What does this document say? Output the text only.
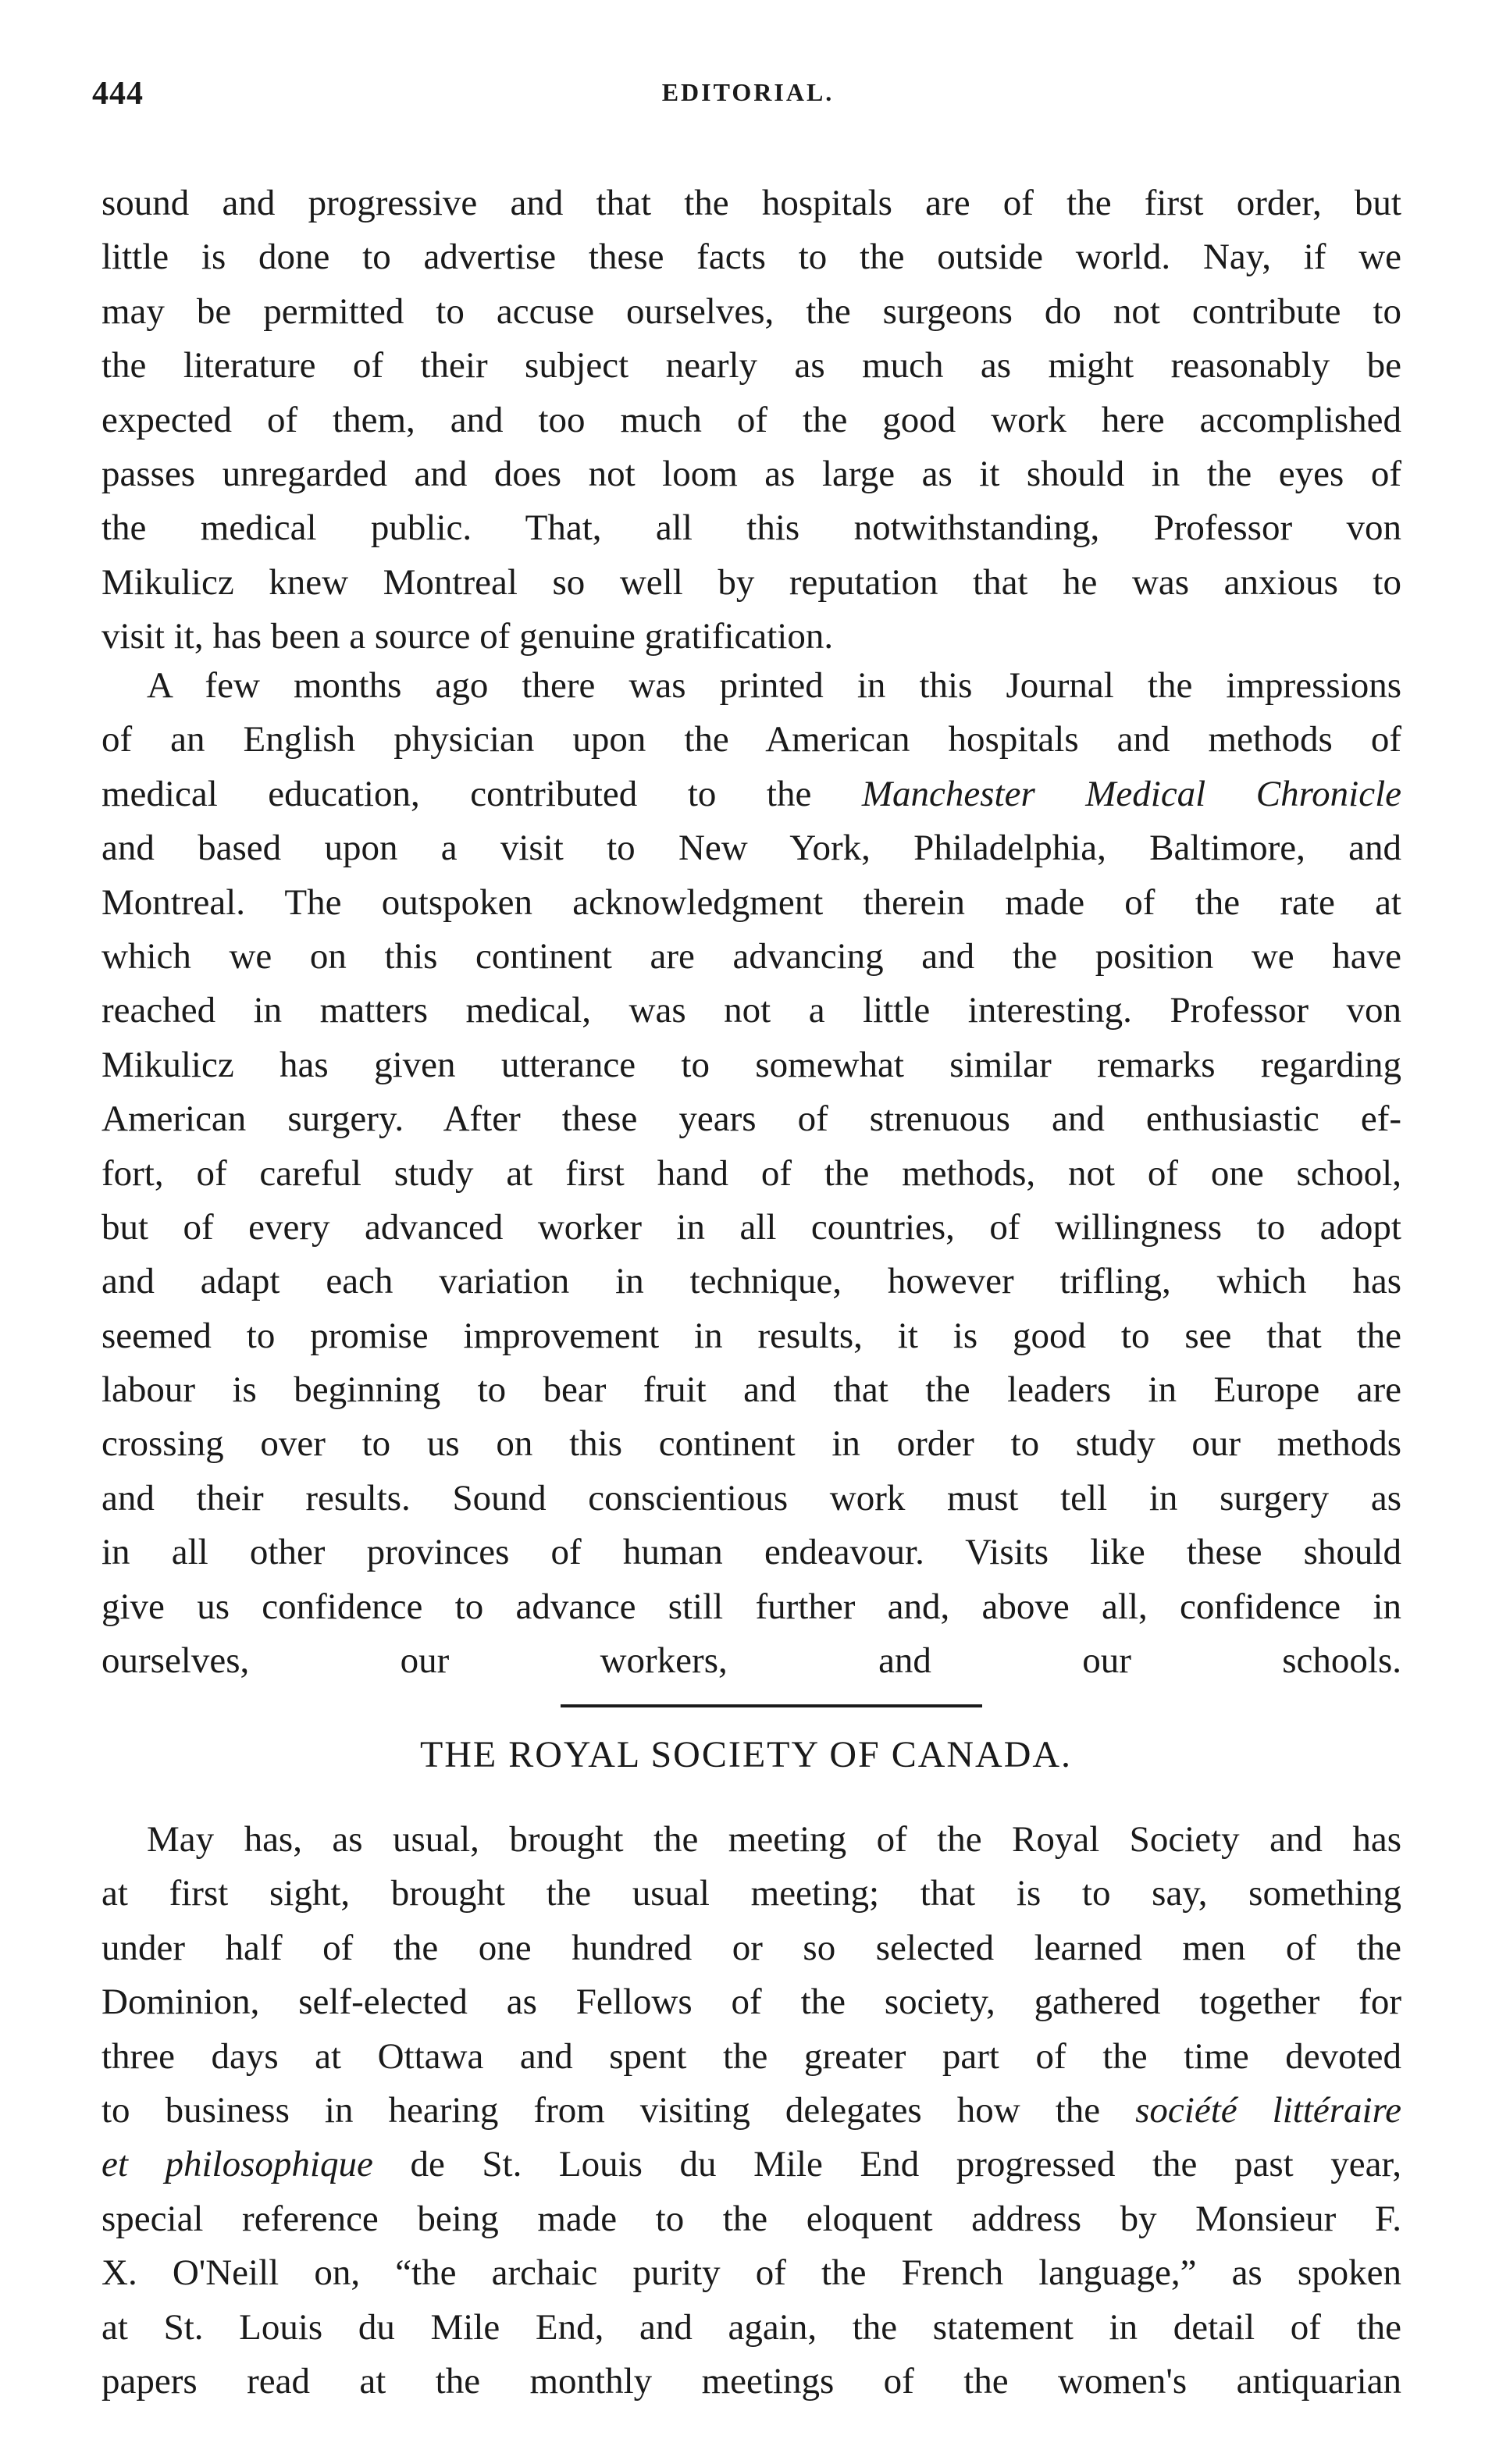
444	EDITORIAL.
sound and progressive and that the hospitals are of the first order, but
little is done to advertise these facts to the outside world. Nay, if we
may be permitted to accuse ourselves, the surgeons do not contribute to
the literature of their subject nearly as much as might reasonably be
expected of them, and too much of the good work here accomplished
passes unregarded and does not loom as large as it should in the eyes of
the medical public. That, all this notwithstanding, Professor von
Mikulicz knew Montreal so well by reputation that he was anxious to
visit it, has been a source of genuine gratification.
A few months ago there was printed in this Journal the impressions
of an English physician upon the American hospitals and methods of
medical education, contributed to the Manchester Medical Chronicle
and based upon a visit to New York, Philadelphia, Baltimore, and
Montreal. The outspoken acknowledgment therein made of the rate at
which we on this continent are advancing and the position we have
reached in matters medical, was not a little interesting. Professor von
Mikulicz has given utterance to somewhat similar remarks regarding
American surgery. After these years of strenuous and enthusiastic ef-
fort, of careful study at first hand of the methods, not of one school,
but of every advanced worker in all countries, of willingness to adopt
and adapt each variation in technique, however trifling, which has
seemed to promise improvement in results, it is good to see that the
labour is beginning to bear fruit and that the leaders in Europe are
crossing over to us on this continent in order to study our methods
and their results. Sound conscientious work must tell in surgery as
in all other provinces of human endeavour. Visits like these should
give us confidence to advance still further and, above all, confidence in
ourselves, our workers, and our schools.
THE ROYAL SOCIETY OF CANADA.
May has, as usual, brought the meeting of the Royal Society and has
at first sight, brought the usual meeting; that is to say, something
under half of the one hundred or so selected learned men of the
Dominion, self-elected as Fellows of the society, gathered together for
three days at Ottawa and spent the greater part of the time devoted
to business in hearing from visiting delegates how the société littéraire
et philosophique de St. Louis du Mile End progressed the past year,
special reference being made to the eloquent address by Monsieur F.
X. O'Neill on, “the archaic purity of the French language,” as spoken
at St. Louis du Mile End, and again, the statement in detail of the
papers read at the monthly meetings of the women's antiquarian
